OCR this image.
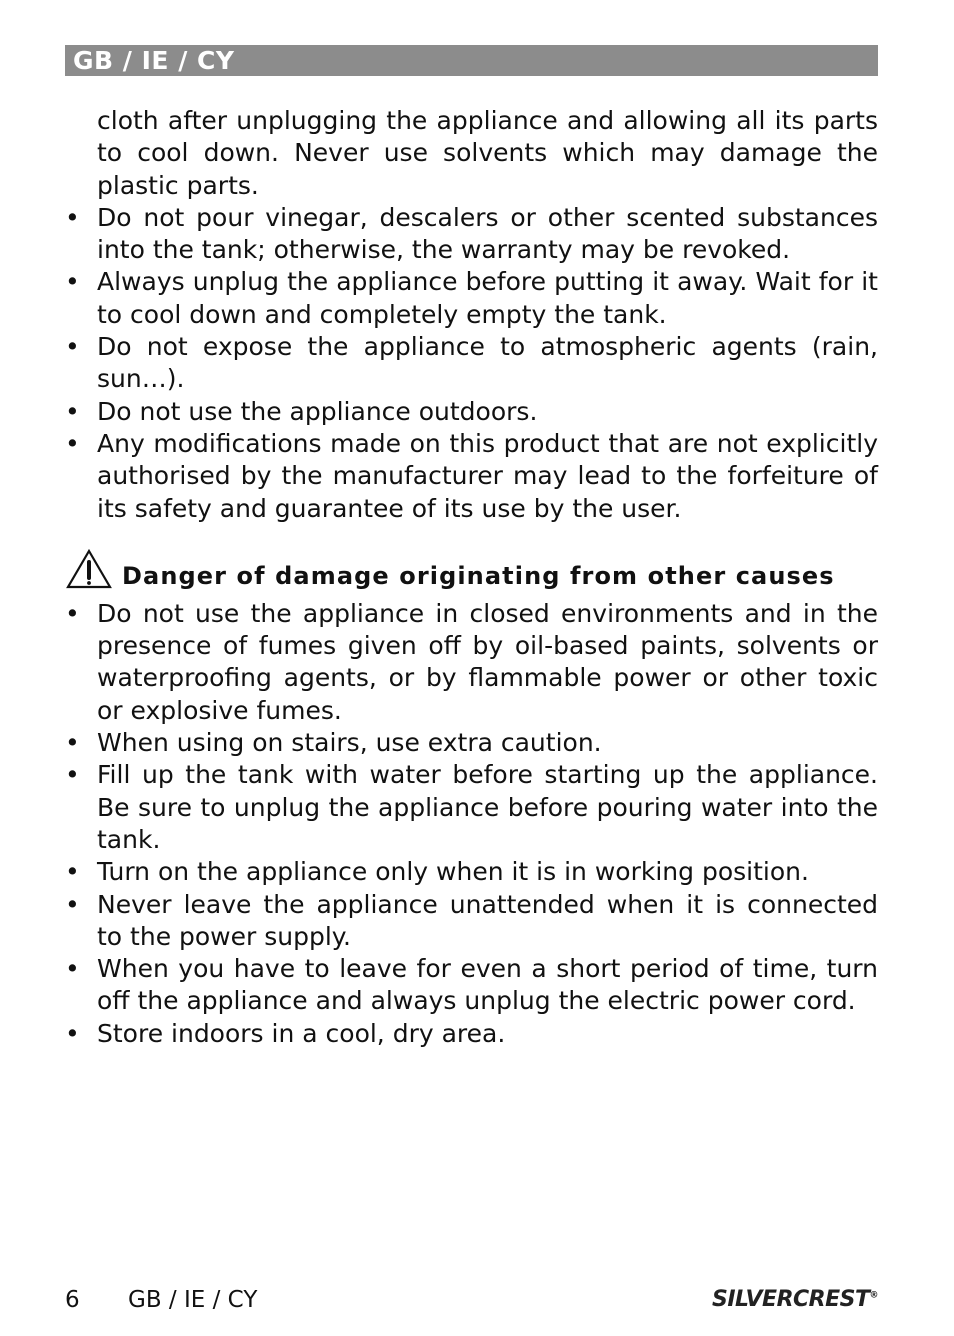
GB / IE / CY

cloth after unplugging the appliance and allowing all its parts to cool down. Never use solvents which may damage the plastic parts.

• Do not pour vinegar, descalers or other scented substances into the tank; otherwise, the warranty may be revoked.
• Always unplug the appliance before putting it away. Wait for it to cool down and completely empty the tank.
• Do not expose the appliance to atmospheric agents (rain, sun…).
• Do not use the appliance outdoors.
• Any modifications made on this product that are not explicitly authorised by the manufacturer may lead to the forfeiture of its safety and guarantee of its use by the user.
Danger of damage originating from other causes
• Do not use the appliance in closed environments and in the presence of fumes given off by oil-based paints, solvents or waterproofing agents, or by flammable power or other toxic or explosive fumes.
• When using on stairs, use extra caution.
• Fill up the tank with water before starting up the appliance. Be sure to unplug the appliance before pouring water into the tank.
• Turn on the appliance only when it is in working position.
• Never leave the appliance unattended when it is connected to the power supply.
• When you have to leave for even a short period of time, turn off the appliance and always unplug the electric power cord.
• Store indoors in a cool, dry area.
6 GB / IE / CY	SILVERCREST®
